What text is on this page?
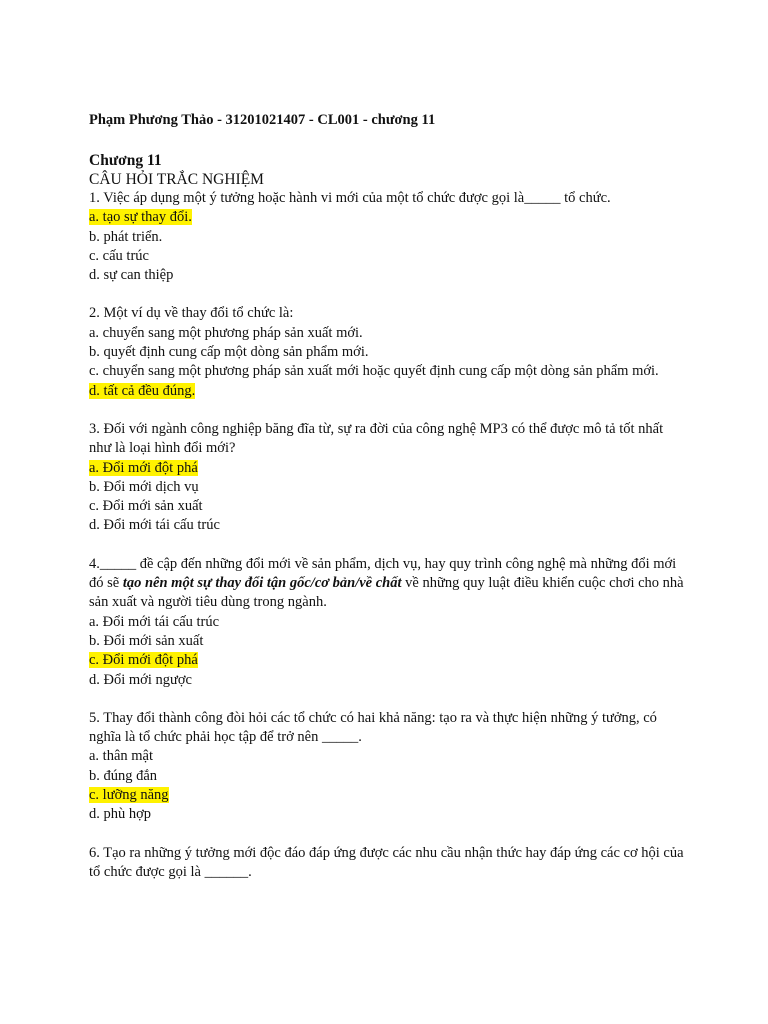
Phạm Phương Thảo - 31201021407 - CL001 - chương 11

Chương 11

CÂU HỎI TRẮC NGHIỆM

1. Việc áp dụng một ý tưởng hoặc hành vi mới của một tổ chức được gọi là_____ tổ chức.

a. tạo sự thay đổi.

b. phát triển.

c. cấu trúc

d. sự can thiệp

2. Một ví dụ về thay đổi tổ chức là:

a. chuyển sang một phương pháp sản xuất mới.

b. quyết định cung cấp một dòng sản phẩm mới.

c. chuyển sang một phương pháp sản xuất mới hoặc quyết định cung cấp một dòng sản phẩm mới.

d. tất cả đều đúng.

3. Đối với ngành công nghiệp băng đĩa từ, sự ra đời của công nghệ MP3 có thể được mô tả tốt nhất như là loại hình đổi mới?

a. Đổi mới đột phá

b. Đổi mới dịch vụ

c. Đổi mới sản xuất

d. Đổi mới tái cấu trúc

4._____ đề cập đến những đổi mới về sản phẩm, dịch vụ, hay quy trình công nghệ mà những đổi mới đó sẽ tạo nên một sự thay đổi tận gốc/cơ bản/về chất về những quy luật điều khiển cuộc chơi cho nhà sản xuất và người tiêu dùng trong ngành.

a. Đổi mới tái cấu trúc

b. Đổi mới sản xuất

c. Đổi mới đột phá

d. Đổi mới ngược

5. Thay đổi thành công đòi hỏi các tổ chức có hai khả năng: tạo ra và thực hiện những ý tưởng, có nghĩa là tổ chức phải học tập để trở nên _____.

a. thân mật

b. đúng đắn

c. lưỡng năng

d. phù hợp

6. Tạo ra những ý tưởng mới độc đáo đáp ứng được các nhu cầu nhận thức hay đáp ứng các cơ hội của tổ chức được gọi là ______.
